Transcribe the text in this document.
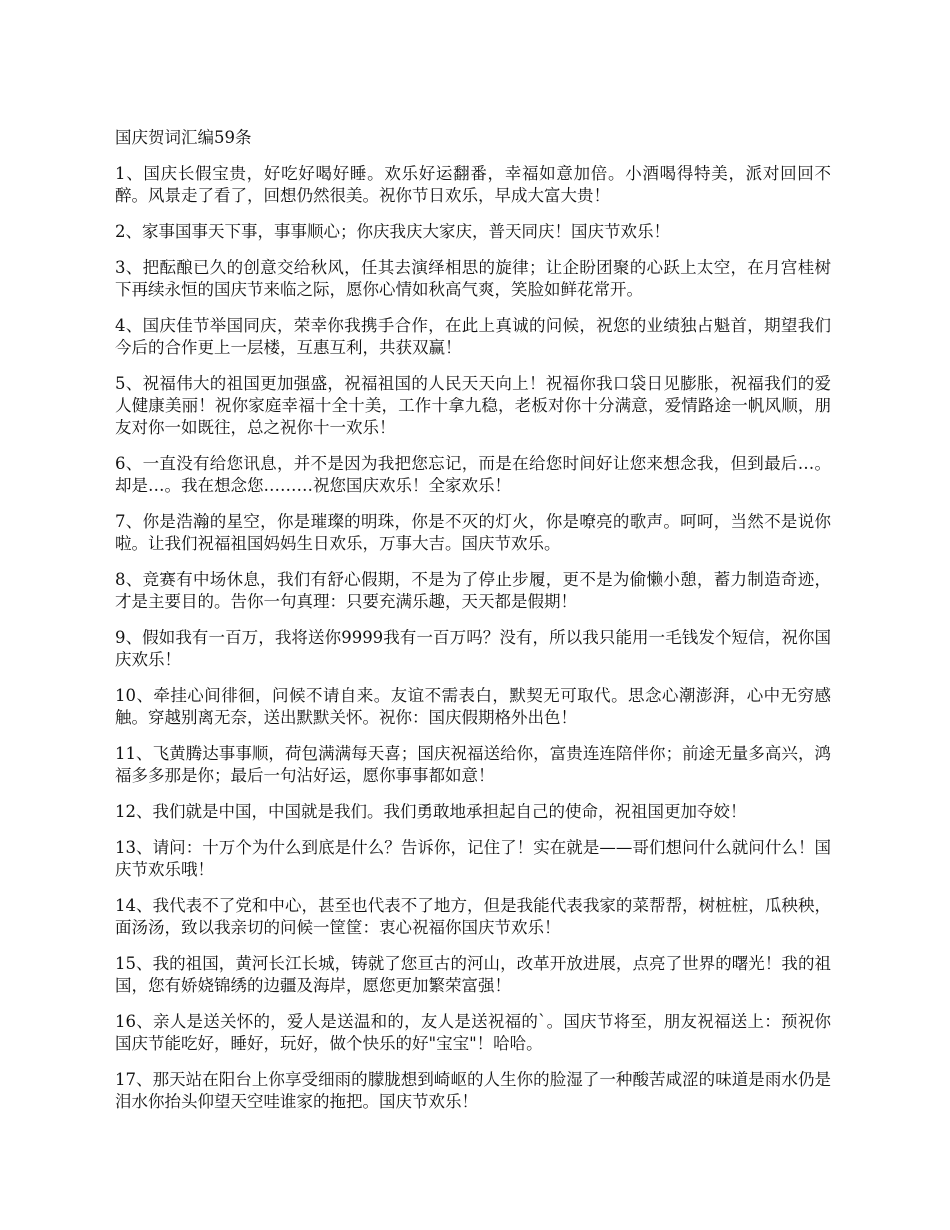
国庆贺词汇编59条

1、国庆长假宝贵，好吃好喝好睡。欢乐好运翻番，幸福如意加倍。小酒喝得特美，派对回回不醉。风景走了看了，回想仍然很美。祝你节日欢乐，早成大富大贵！

2、家事国事天下事，事事顺心；你庆我庆大家庆，普天同庆！国庆节欢乐！

3、把酝酿已久的创意交给秋风，任其去演绎相思的旋律；让企盼团聚的心跃上太空，在月宫桂树下再续永恒的国庆节来临之际，愿你心情如秋高气爽，笑脸如鲜花常开。

4、国庆佳节举国同庆，荣幸你我携手合作，在此上真诚的问候，祝您的业绩独占魁首，期望我们今后的合作更上一层楼，互惠互利，共获双赢！

5、祝福伟大的祖国更加强盛，祝福祖国的人民天天向上！祝福你我口袋日见膨胀，祝福我们的爱人健康美丽！祝你家庭幸福十全十美，工作十拿九稳，老板对你十分满意，爱情路途一帆风顺，朋友对你一如既往，总之祝你十一欢乐！

6、一直没有给您讯息，并不是因为我把您忘记，而是在给您时间好让您来想念我，但到最后…。却是…。我在想念您………祝您国庆欢乐！全家欢乐！

7、你是浩瀚的星空，你是璀璨的明珠，你是不灭的灯火，你是嘹亮的歌声。呵呵，当然不是说你啦。让我们祝福祖国妈妈生日欢乐，万事大吉。国庆节欢乐。

8、竞赛有中场休息，我们有舒心假期，不是为了停止步履，更不是为偷懒小憩，蓄力制造奇迹，才是主要目的。告你一句真理：只要充满乐趣，天天都是假期！

9、假如我有一百万，我将送你9999我有一百万吗？没有，所以我只能用一毛钱发个短信，祝你国庆欢乐！

10、牵挂心间徘徊，问候不请自来。友谊不需表白，默契无可取代。思念心潮澎湃，心中无穷感触。穿越别离无奈，送出默默关怀。祝你：国庆假期格外出色！

11、飞黄腾达事事顺，荷包满满每天喜；国庆祝福送给你，富贵连连陪伴你；前途无量多高兴，鸿福多多那是你；最后一句沾好运，愿你事事都如意！

12、我们就是中国，中国就是我们。我们勇敢地承担起自己的使命，祝祖国更加夺姣！

13、请问：十万个为什么到底是什么？告诉你，记住了！实在就是——哥们想问什么就问什么！国庆节欢乐哦！

14、我代表不了党和中心，甚至也代表不了地方，但是我能代表我家的菜帮帮，树桩桩，瓜秧秧，面汤汤，致以我亲切的问候一筐筐：衷心祝福你国庆节欢乐！

15、我的祖国，黄河长江长城，铸就了您亘古的河山，改革开放进展，点亮了世界的曙光！我的祖国，您有娇娆锦绣的边疆及海岸，愿您更加繁荣富强！

16、亲人是送关怀的，爱人是送温和的，友人是送祝福的`。国庆节将至，朋友祝福送上：预祝你国庆节能吃好，睡好，玩好，做个快乐的好"宝宝"！哈哈。

17、那天站在阳台上你享受细雨的朦胧想到崎岖的人生你的脸湿了一种酸苦咸涩的味道是雨水仍是泪水你抬头仰望天空哇谁家的拖把。国庆节欢乐！
